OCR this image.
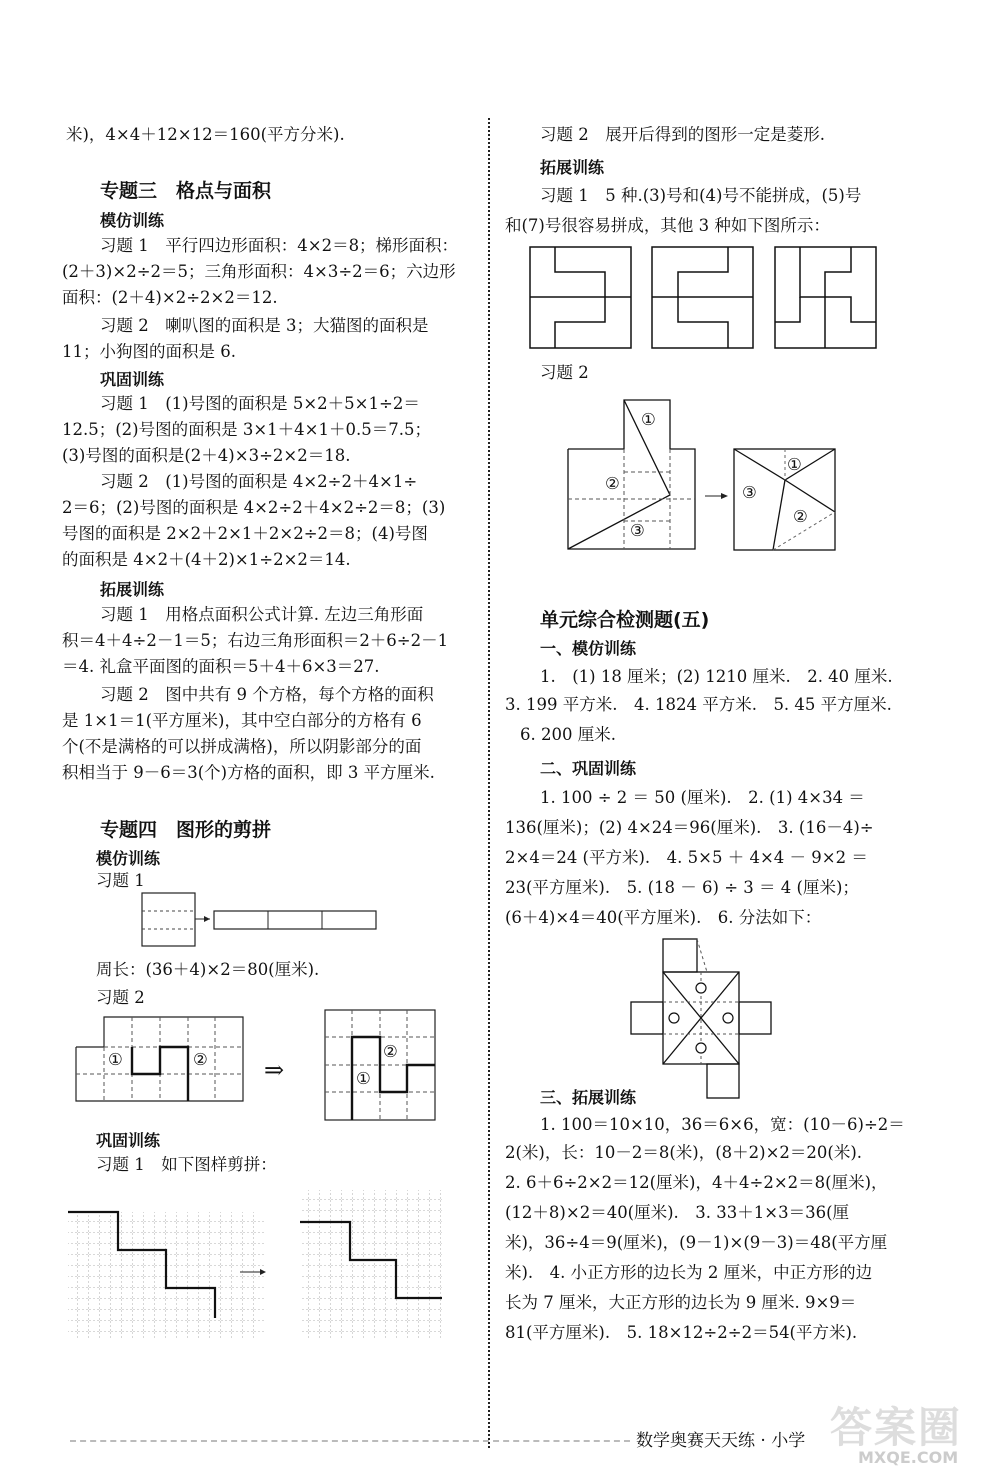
米)，4×4＋12×12＝160(平方分米).
专题三　格点与面积
模仿训练
习题 1　平行四边形面积：4×2＝8；梯形面积：
(2＋3)×2÷2＝5；三角形面积：4×3÷2＝6；六边形
面积：(2＋4)×2÷2×2＝12.
习题 2　喇叭图的面积是 3；大猫图的面积是
11；小狗图的面积是 6.
巩固训练
习题 1　(1)号图的面积是 5×2＋5×1÷2＝
12.5；(2)号图的面积是 3×1＋4×1＋0.5＝7.5；
(3)号图的面积是(2＋4)×3÷2×2＝18.
习题 2　(1)号图的面积是 4×2÷2＋4×1÷
2＝6；(2)号图的面积是 4×2÷2＋4×2÷2＝8；(3)
号图的面积是 2×2＋2×1＋2×2÷2＝8；(4)号图
的面积是 4×2＋(4＋2)×1÷2×2＝14.
拓展训练
习题 1　用格点面积公式计算. 左边三角形面
积＝4＋4÷2－1＝5；右边三角形面积＝2＋6÷2－1
＝4. 礼盒平面图的面积＝5＋4＋6×3＝27.
习题 2　图中共有 9 个方格，每个方格的面积
是 1×1＝1(平方厘米)，其中空白部分的方格有 6
个(不是满格的可以拼成满格)，所以阴影部分的面
积相当于 9－6＝3(个)方格的面积，即 3 平方厘米.
专题四　图形的剪拼
模仿训练
习题 1
周长：(36＋4)×2＝80(厘米).
习题 2
①	②	②
①
⇒
巩固训练
习题 1　如下图样剪拼：
习题 2　展开后得到的图形一定是菱形.
拓展训练
习题 1　5 种.(3)号和(4)号不能拼成，(5)号
和(7)号很容易拼成，其他 3 种如下图所示：
习题 2
①
②
③
①
③
②
单元综合检测题(五)
一、模仿训练
1.　(1) 18 厘米；(2) 1210 厘米.　2. 40 厘米.
3. 199 平方米.　4. 1824 平方米.　5. 45 平方厘米.
6. 200 厘米.
二、巩固训练
1. 100 ÷ 2 ＝ 50 (厘米).　2. (1) 4×34 ＝
136(厘米)；(2) 4×24＝96(厘米).　3. (16－4)÷
2×4＝24 (平方米).　4. 5×5 ＋ 4×4 － 9×2 ＝
23(平方厘米).　5. (18 － 6) ÷ 3 ＝ 4 (厘米)；
(6＋4)×4＝40(平方厘米).　6. 分法如下：
三、拓展训练
1. 100＝10×10，36＝6×6，宽：(10－6)÷2＝
2(米)，长：10－2＝8(米)，(8＋2)×2＝20(米).
2. 6＋6÷2×2＝12(厘米)，4＋4÷2×2＝8(厘米)，
(12＋8)×2＝40(厘米).　3. 33＋1×3＝36(厘
米)，36÷4＝9(厘米)，(9－1)×(9－3)＝48(平方厘
米).　4. 小正方形的边长为 2 厘米，中正方形的边
长为 7 厘米，大正方形的边长为 9 厘米. 9×9＝
81(平方厘米).　5. 18×12÷2÷2＝54(平方米).
数学奥赛天天练 · 小学 答案圈
MXQE.COM
